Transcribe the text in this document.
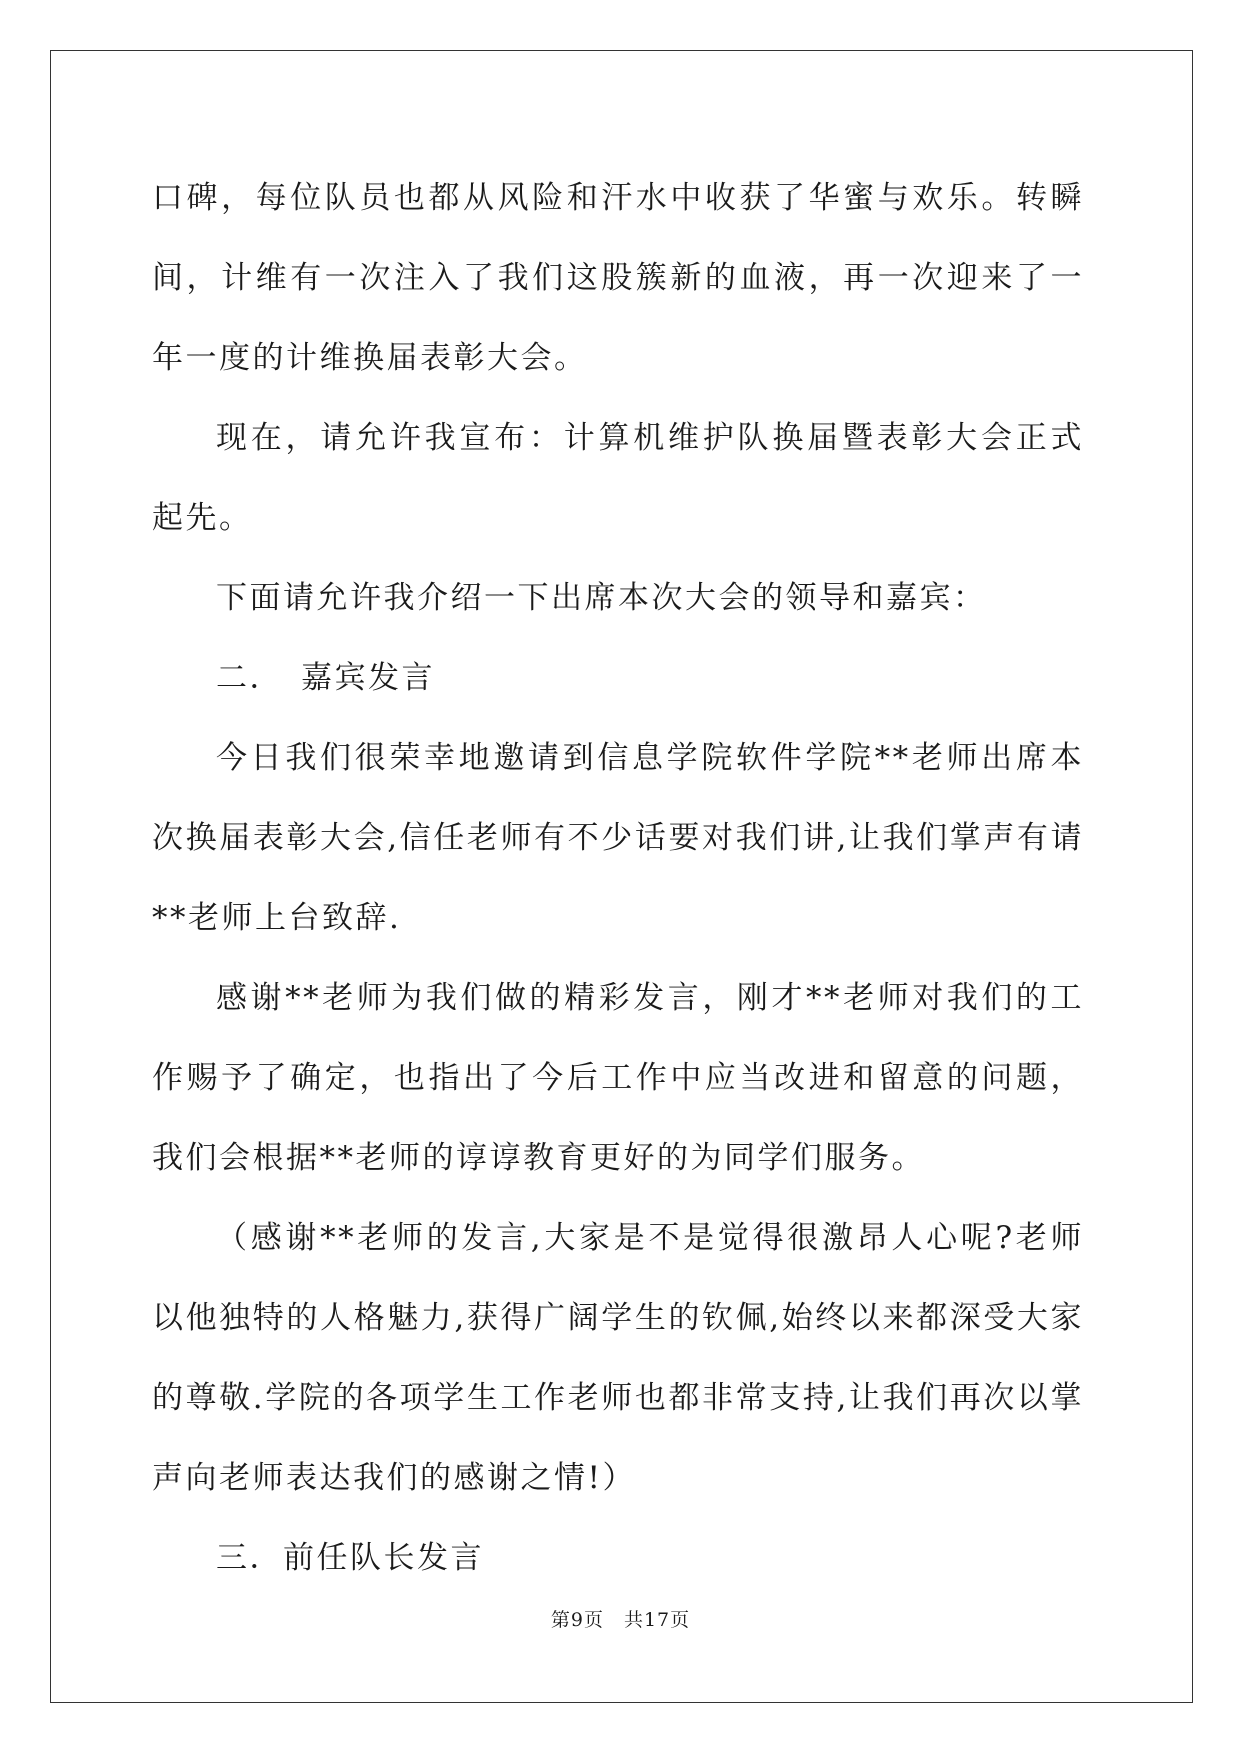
口碑，每位队员也都从风险和汗水中收获了华蜜与欢乐。转瞬间，计维有一次注入了我们这股簇新的血液，再一次迎来了一年一度的计维换届表彰大会。

现在，请允许我宣布：计算机维护队换届暨表彰大会正式起先。

下面请允许我介绍一下出席本次大会的领导和嘉宾：

二．　嘉宾发言

今日我们很荣幸地邀请到信息学院软件学院**老师出席本次换届表彰大会,信任老师有不少话要对我们讲,让我们掌声有请**老师上台致辞.

感谢**老师为我们做的精彩发言，刚才**老师对我们的工作赐予了确定，也指出了今后工作中应当改进和留意的问题，我们会根据**老师的谆谆教育更好的为同学们服务。

（感谢**老师的发言,大家是不是觉得很激昂人心呢?老师以他独特的人格魅力,获得广阔学生的钦佩,始终以来都深受大家的尊敬.学院的各项学生工作老师也都非常支持,让我们再次以掌声向老师表达我们的感谢之情!）

三．前任队长发言

第9页 共17页
